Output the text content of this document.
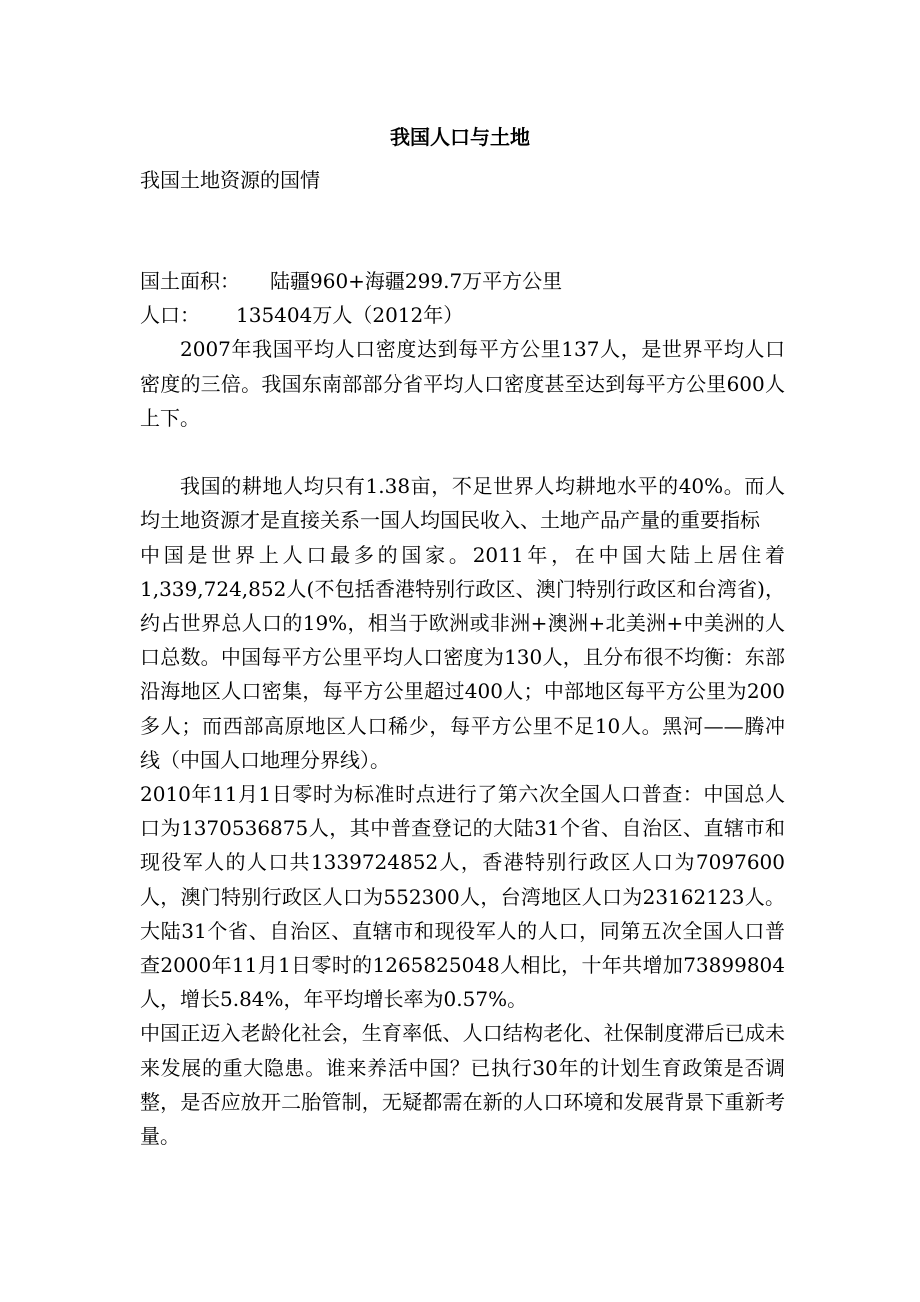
我国人口与土地
我国土地资源的国情

国土面积： 陆疆960+海疆299.7万平方公里

人口： 135404万人（2012年）

2007年我国平均人口密度达到每平方公里137人，是世界平均人口密度的三倍。我国东南部部分省平均人口密度甚至达到每平方公里600人上下。

我国的耕地人均只有1.38亩，不足世界人均耕地水平的40%。而人均土地资源才是直接关系一国人均国民收入、土地产品产量的重要指标

中国是世界上人口最多的国家。2011年，在中国大陆上居住着1,339,724,852人(不包括香港特别行政区、澳门特别行政区和台湾省)，约占世界总人口的19%，相当于欧洲或非洲+澳洲+北美洲+中美洲的人口总数。中国每平方公里平均人口密度为130人，且分布很不均衡：东部沿海地区人口密集，每平方公里超过400人；中部地区每平方公里为200多人；而西部高原地区人口稀少，每平方公里不足10人。黑河——腾冲线（中国人口地理分界线）。

2010年11月1日零时为标准时点进行了第六次全国人口普查：中国总人口为1370536875人，其中普查登记的大陆31个省、自治区、直辖市和现役军人的人口共1339724852人，香港特别行政区人口为7097600人，澳门特别行政区人口为552300人，台湾地区人口为23162123人。大陆31个省、自治区、直辖市和现役军人的人口，同第五次全国人口普查2000年11月1日零时的1265825048人相比，十年共增加73899804人，增长5.84%，年平均增长率为0.57%。

中国正迈入老龄化社会，生育率低、人口结构老化、社保制度滞后已成未来发展的重大隐患。谁来养活中国？已执行30年的计划生育政策是否调整，是否应放开二胎管制，无疑都需在新的人口环境和发展背景下重新考量。
